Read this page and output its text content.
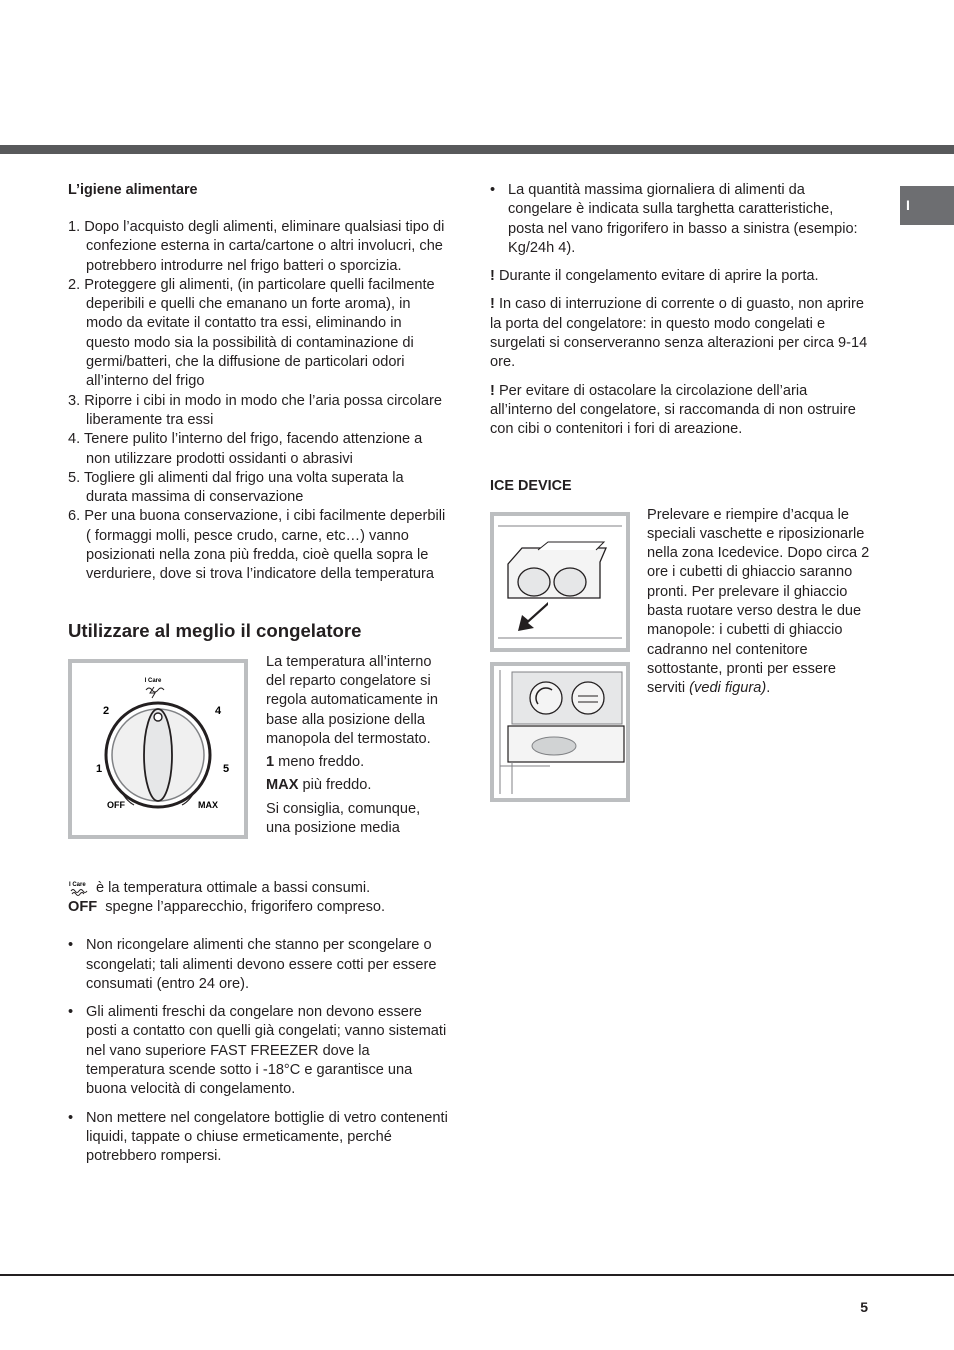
I
L’igiene alimentare
1. Dopo l’acquisto degli alimenti, eliminare qualsiasi tipo di confezione esterna in carta/cartone o altri involucri, che potrebbero introdurre nel frigo batteri o sporcizia.
2. Proteggere gli alimenti, (in particolare quelli facilmente deperibili e quelli che emanano un forte aroma), in modo da evitate il contatto tra essi, eliminando in questo modo sia la possibilità di contaminazione di germi/batteri, che la diffusione de particolari odori all’interno del frigo
3. Riporre i cibi in modo in modo che l’aria possa circolare liberamente tra essi
4. Tenere pulito l’interno del frigo, facendo attenzione a non utilizzare prodotti ossidanti o abrasivi
5. Togliere gli alimenti dal frigo una volta superata la durata massima di conservazione
6. Per una buona conservazione, i cibi facilmente deperbili ( formaggi molli, pesce crudo, carne, etc…) vanno posizionati nella zona più fredda, cioè quella sopra le verduriere, dove si trova l’indicatore della temperatura
Utilizzare al meglio il congelatore
I Care
2	4
1	5
OFF	MAX

La temperatura all’interno del reparto congelatore si regola automaticamente in base alla posizione della manopola del termostato.

1 meno freddo.

MAX più freddo.

Si consiglia, comunque, una posizione media

I Care è la temperatura ottimale a bassi consumi.

OFF spegne l’apparecchio, frigorifero compreso.

• Non ricongelare alimenti che stanno per scongelare o scongelati; tali alimenti devono essere cotti per essere consumati (entro 24 ore).
• Gli alimenti freschi da congelare non devono essere posti a contatto con quelli già congelati; vanno sistemati nel vano superiore FAST FREEZER dove la temperatura scende sotto i -18°C e garantisce una buona velocità di congelamento.
• Non mettere nel congelatore bottiglie di vetro contenenti liquidi, tappate o chiuse ermeticamente, perché potrebbero rompersi.
• La quantità massima giornaliera di alimenti da congelare è indicata sulla targhetta caratteristiche, posta nel vano frigorifero in basso a sinistra (esempio: Kg/24h 4).

! Durante il congelamento evitare di aprire la porta.

! In caso di interruzione di corrente o di guasto, non aprire la porta del congelatore: in questo modo congelati e surgelati si conserveranno senza alterazioni per circa 9-14 ore.

! Per evitare di ostacolare la circolazione dell’aria all’interno del congelatore, si raccomanda di non ostruire con cibi o contenitori i fori di areazione.

ICE DEVICE

Prelevare e riempire d’acqua le speciali vaschette e riposizionarle nella zona Icedevice. Dopo circa 2 ore i cubetti di ghiaccio saranno pronti. Per prelevare il ghiaccio basta ruotare verso destra le due manopole: i cubetti di ghiaccio cadranno nel contenitore sottostante, pronti per essere serviti (vedi figura).

5
